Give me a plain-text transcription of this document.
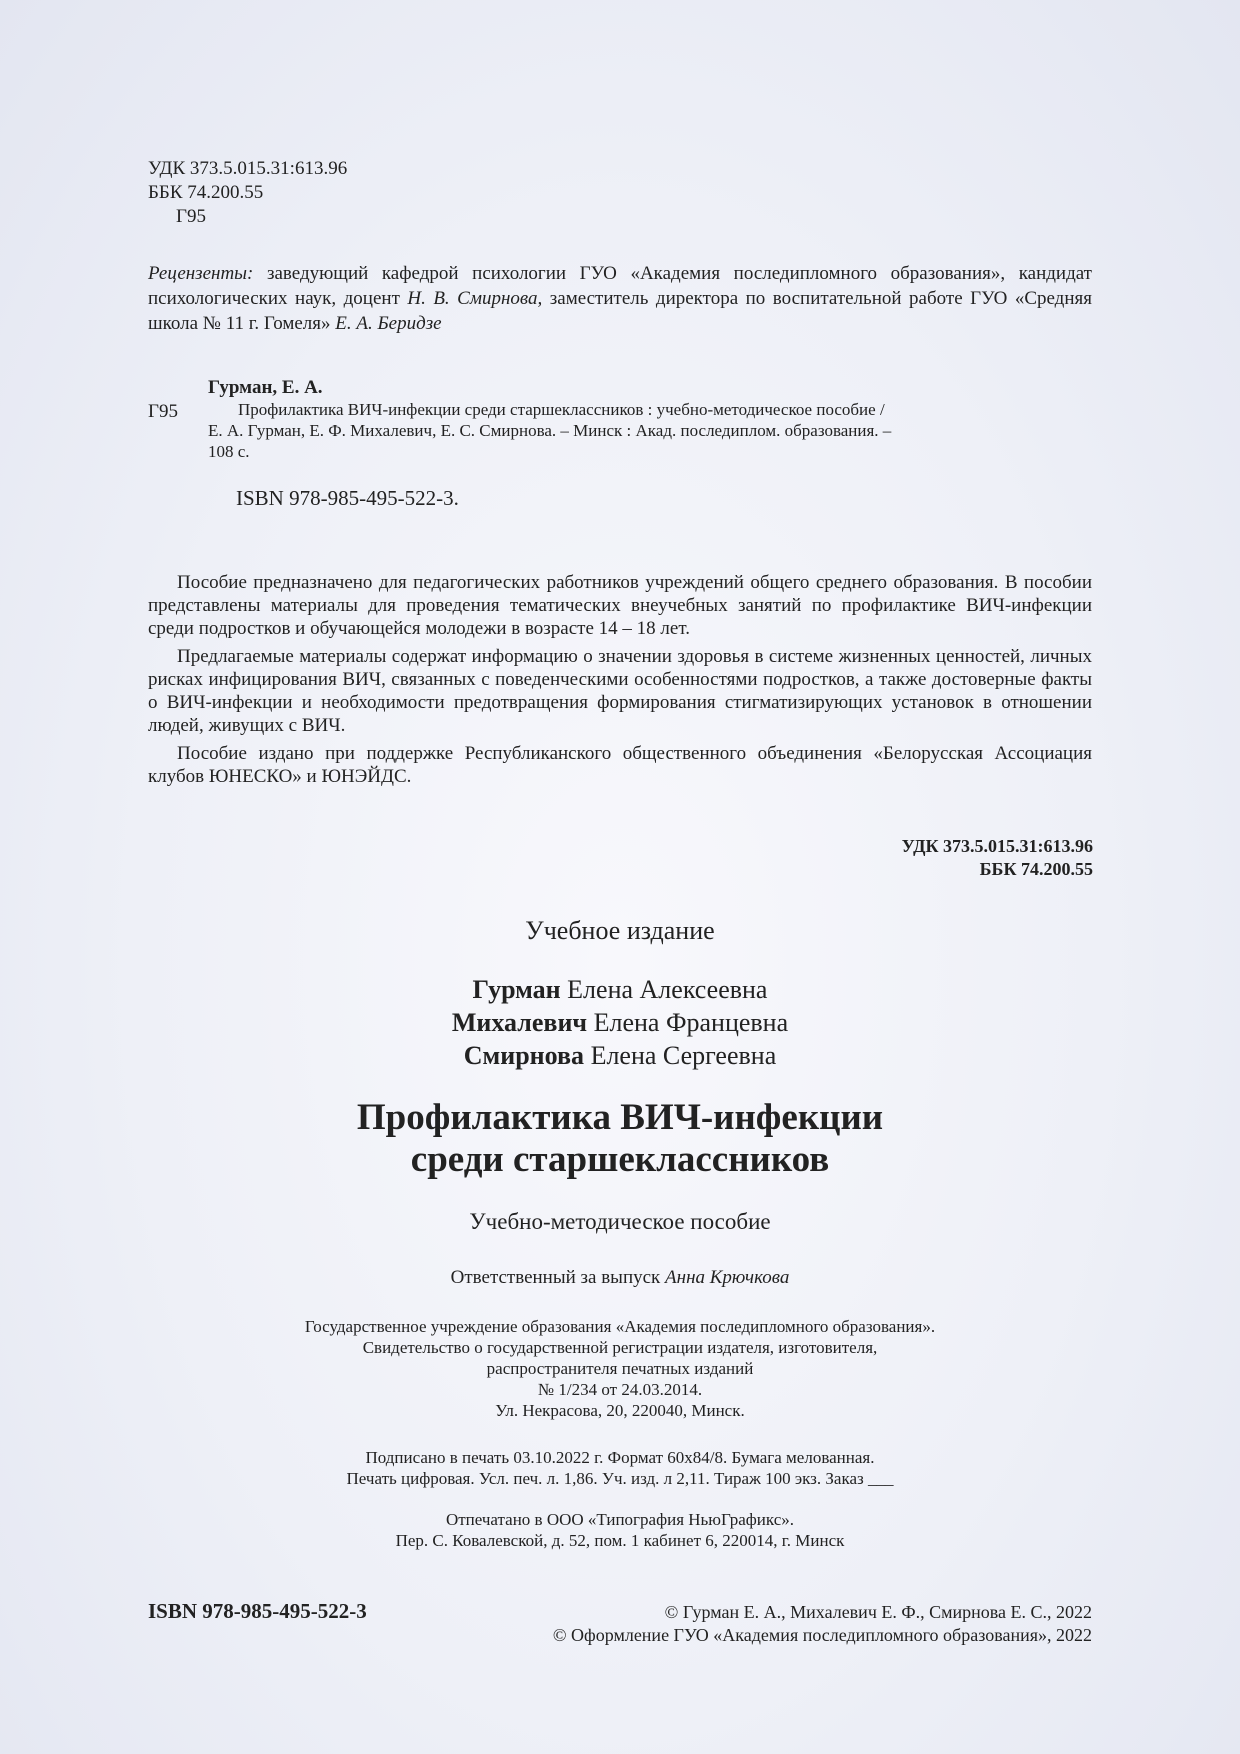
УДК 373.5.015.31:613.96
ББК 74.200.55
Г95
Рецензенты: заведующий кафедрой психологии ГУО «Академия последипломного образования», кандидат психологических наук, доцент Н. В. Смирнова, заместитель директора по воспитательной работе ГУО «Средняя школа № 11 г. Гомеля» Е. А. Беридзе
Гурман, Е. А.
Г95	Профилактика ВИЧ-инфекции среди старшеклассников : учебно-методическое пособие /
Е. А. Гурман, Е. Ф. Михалевич, Е. С. Смирнова. – Минск : Акад. последиплом. образования. –
108 с.
ISBN 978-985-495-522-3.
Пособие предназначено для педагогических работников учреждений общего среднего образования. В пособии представлены материалы для проведения тематических внеучебных занятий по профилактике ВИЧ-инфекции среди подростков и обучающейся молодежи в возрасте 14 – 18 лет.
Предлагаемые материалы содержат информацию о значении здоровья в системе жизненных ценностей, личных рисках инфицирования ВИЧ, связанных с поведенческими особенностями подростков, а также достоверные факты о ВИЧ-инфекции и необходимости предотвращения формирования стигматизирующих установок в отношении людей, живущих с ВИЧ.
Пособие издано при поддержке Республиканского общественного объединения «Белорусская Ассоциация клубов ЮНЕСКО» и ЮНЭЙДС.
УДК 373.5.015.31:613.96
ББК 74.200.55
Учебное издание
Гурман Елена Алексеевна
Михалевич Елена Францевна
Смирнова Елена Сергеевна
Профилактика ВИЧ-инфекции
среди старшеклассников
Учебно-методическое пособие
Ответственный за выпуск Анна Крючкова
Государственное учреждение образования «Академия последипломного образования».
Свидетельство о государственной регистрации издателя, изготовителя,
распространителя печатных изданий
№ 1/234 от 24.03.2014.
Ул. Некрасова, 20, 220040, Минск.
Подписано в печать 03.10.2022 г. Формат 60х84/8. Бумага мелованная.
Печать цифровая. Усл. печ. л. 1,86. Уч. изд. л 2,11. Тираж 100 экз. Заказ ___
Отпечатано в ООО «Типография НьюГрафикс».
Пер. С. Ковалевской, д. 52, пом. 1 кабинет 6, 220014, г. Минск
ISBN 978-985-495-522-3	© Гурман Е. А., Михалевич Е. Ф., Смирнова Е. С., 2022
© Оформление ГУО «Академия последипломного образования», 2022
